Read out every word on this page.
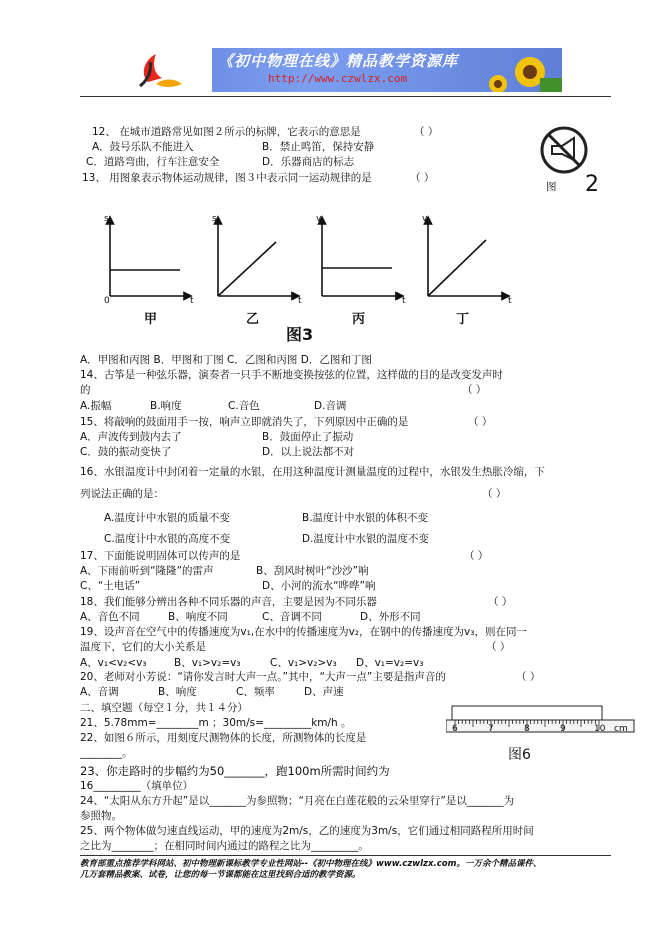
《初中物理在线》精品教学资源库
http://www.czwlzx.com
12、 在城市道路常见如图２所示的标牌，它表示的意思是	（ ）
A．鼓号乐队不能进入	B．禁止鸣笛，保持安静
C．道路弯曲，行车注意安全	D．乐器商店的标志
图 2
13、 用图象表示物体运动规律，图３中表示同一运动规律的是	（ ）
s
t
0
甲
s
t
乙
v
t
丙
v
t
丁
图3
A．甲图和丙图 B．甲图和丁图 C．乙图和丙图 D．乙图和丁图
14、古筝是一种弦乐器，演奏者一只手不断地变换按弦的位置，这样做的目的是改变发声时
的	（ ）
A.振幅	B.响度	C.音色	D.音调
15、将敲响的鼓面用手一按，响声立即就消失了，下列原因中正确的是	（ ）
A．声波传到鼓内去了	B．鼓面停止了振动
C．鼓的振动变快了	D．以上说法都不对
16、水银温度计中封闭着一定量的水银，在用这种温度计测量温度的过程中，水银发生热胀冷缩，下
列说法正确的是：	（ ）
A.温度计中水银的质量不变	B.温度计中水银的体积不变
C.温度计中水银的高度不变	D.温度计中水银的温度不变
17、下面能说明固体可以传声的是	（ ）
A、下雨前听到“隆隆”的雷声	B、刮风时树叶“沙沙”响
C、“土电话”	D、小河的流水“哗哗”响
18、我们能够分辨出各种不同乐器的声音，主要是因为不同乐器	（ ）
A、音色不同	B、响度不同	C、音调不同	D、外形不同
19、设声音在空气中的传播速度为v₁,在水中的传播速度为v₂，在钢中的传播速度为v₃，则在同一
温度下，它们的大小关系是	（ ）
A、v₁<v₂<v₃	B、v₁>v₂=v₃	C、v₁>v₂>v₃ D、v₁=v₂=v₃
20、老师对小芳说：“请你发言时大声一点。”其中，“大声一点”主要是指声音的	（ ）
A、音调	B、响度	C、频率	D、声速
二、填空题（每空１分，共１４分）
6	7	8	9	10 cm
图6
21、5.78mm=________m ；30m/s=_________km/h 。
22、如图６所示，用刻度尺测物体的长度，所测物体的长度是
________。
23、你走路时的步幅约为50_______，跑100m所需时间约为
16_________（填单位）
24、“太阳从东方升起”是以_______为参照物；“月亮在白莲花般的云朵里穿行”是以_______为
参照物。
25、两个物体做匀速直线运动，甲的速度为2m/s，乙的速度为3m/s，它们通过相同路程所用时间
之比为________；在相同时间内通过的路程之比为_________。
教育部重点推荐学科网站、初中物理新课标教学专业性网站--《初中物理在线》www.czwlzx.com。一万余个精品课件、
几万套精品教案、试卷，让您的每一节课都能在这里找到合适的教学资源。
